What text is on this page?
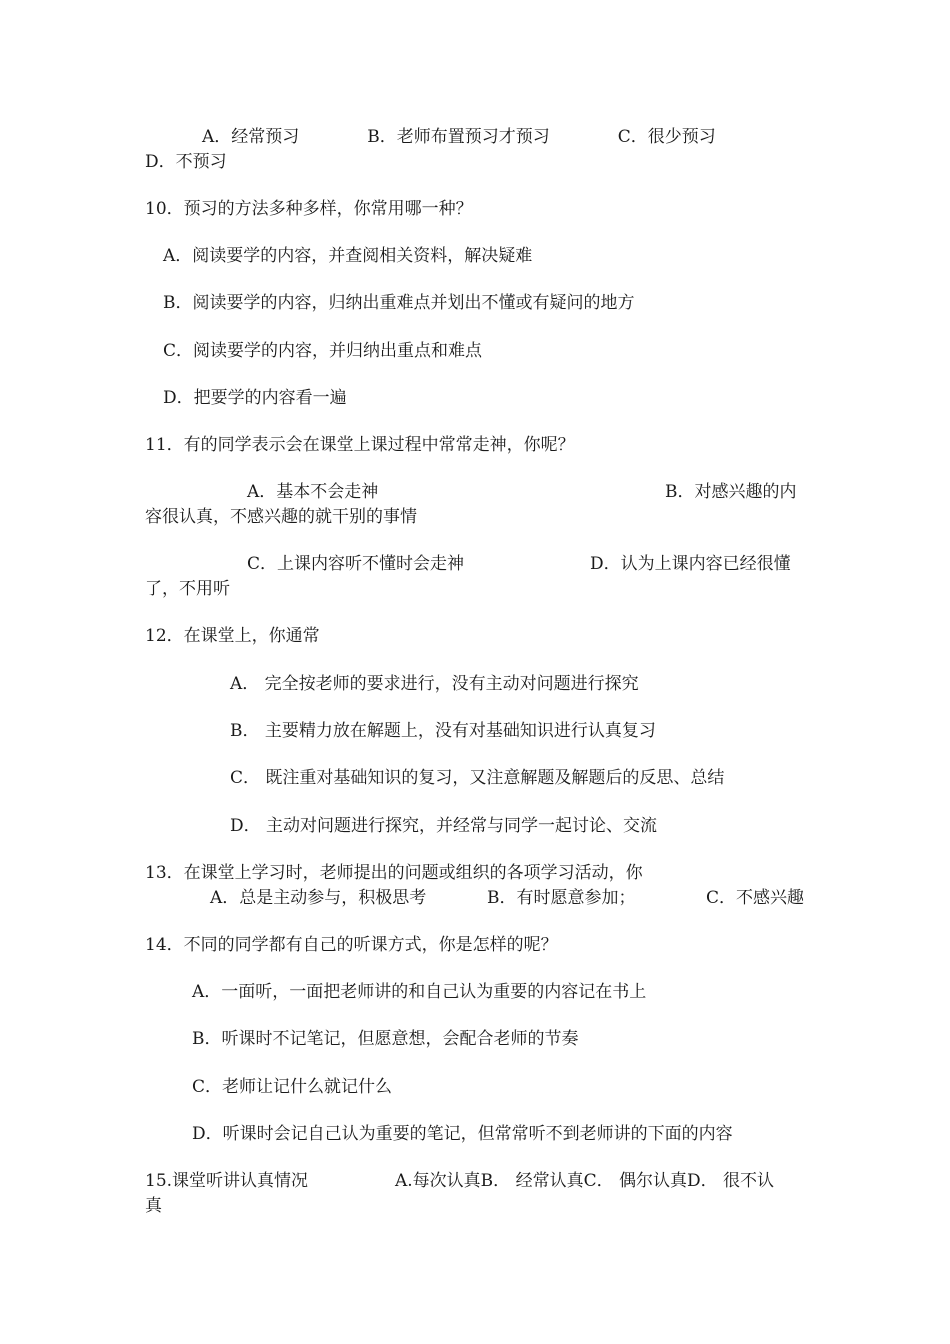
A．经常预习　　　　B．老师布置预习才预习　　　　C．很少预习
D．不预习
10．预习的方法多种多样，你常用哪一种？
A．阅读要学的内容，并查阅相关资料，解决疑难
B．阅读要学的内容，归纳出重难点并划出不懂或有疑问的地方
C．阅读要学的内容，并归纳出重点和难点
D．把要学的内容看一遍
11．有的同学表示会在课堂上课过程中常常走神，你呢？
A．基本不会走神	B．对感兴趣的内
容很认真，不感兴趣的就干别的事情
C．上课内容听不懂时会走神	D．认为上课内容已经很懂
了，不用听
12．在课堂上，你通常
A． 完全按老师的要求进行，没有主动对问题进行探究
B． 主要精力放在解题上，没有对基础知识进行认真复习
C． 既注重对基础知识的复习，又注意解题及解题后的反思、总结
D． 主动对问题进行探究，并经常与同学一起讨论、交流
13．在课堂上学习时，老师提出的问题或组织的各项学习活动，你
A．总是主动参与，积极思考	B．有时愿意参加；	C．不感兴趣
14．不同的同学都有自己的听课方式，你是怎样的呢？
A．一面听，一面把老师讲的和自己认为重要的内容记在书上
B．听课时不记笔记，但愿意想，会配合老师的节奏
C．老师让记什么就记什么
D．听课时会记自己认为重要的笔记，但常常听不到老师讲的下面的内容
15.课堂听讲认真情况	A.每次认真B． 经常认真C． 偶尔认真D． 很不认
真
